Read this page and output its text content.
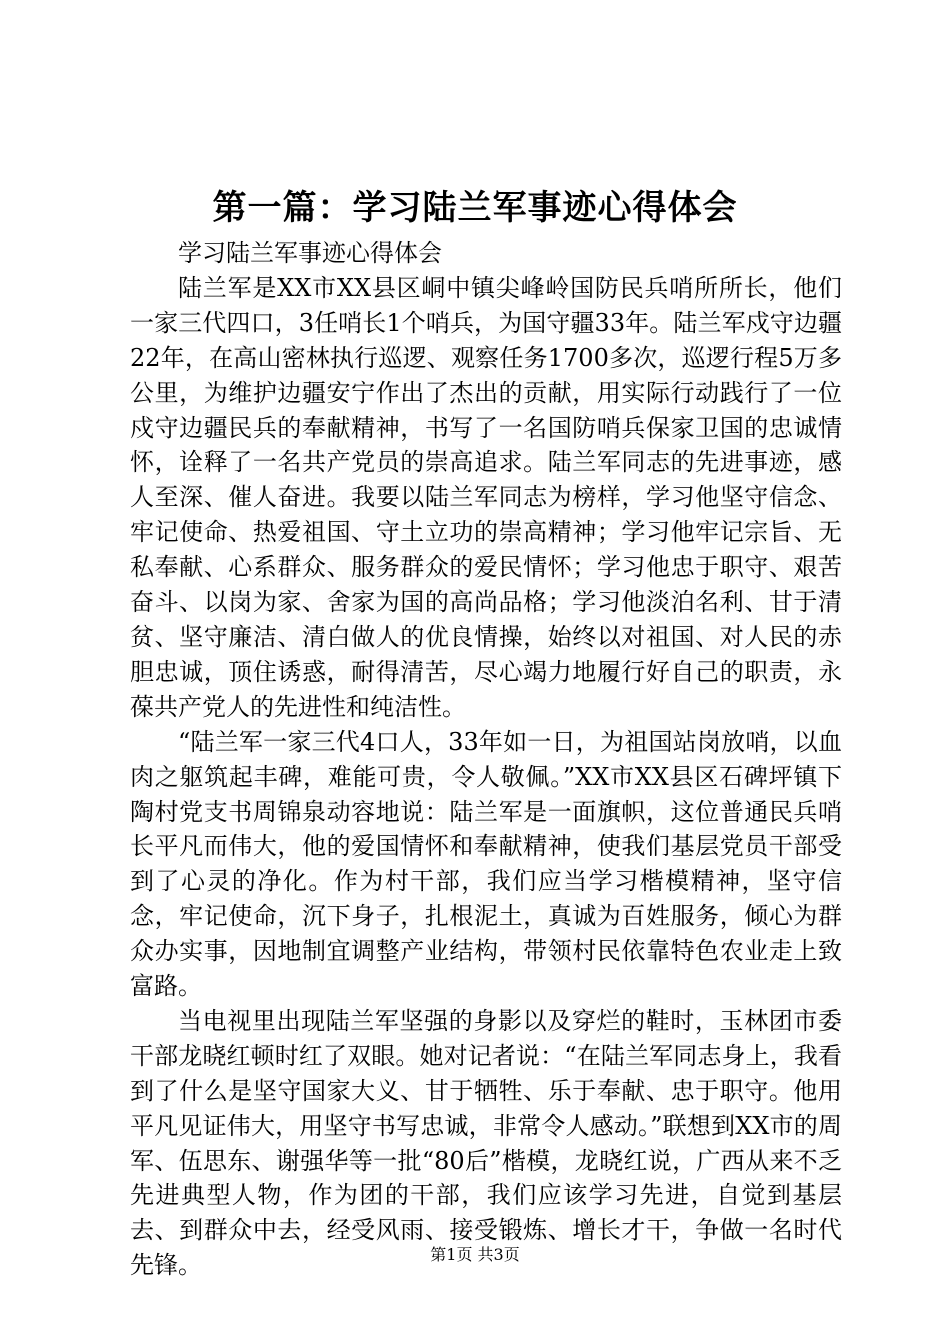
第一篇：学习陆兰军事迹心得体会

学习陆兰军事迹心得体会

陆兰军是XX市XX县区峒中镇尖峰岭国防民兵哨所所长，他们一家三代四口，3任哨长1个哨兵，为国守疆33年。陆兰军戍守边疆22年，在高山密林执行巡逻、观察任务1700多次，巡逻行程5万多公里，为维护边疆安宁作出了杰出的贡献，用实际行动践行了一位戍守边疆民兵的奉献精神，书写了一名国防哨兵保家卫国的忠诚情怀，诠释了一名共产党员的崇高追求。陆兰军同志的先进事迹，感人至深、催人奋进。我要以陆兰军同志为榜样，学习他坚守信念、牢记使命、热爱祖国、守土立功的崇高精神；学习他牢记宗旨、无私奉献、心系群众、服务群众的爱民情怀；学习他忠于职守、艰苦奋斗、以岗为家、舍家为国的高尚品格；学习他淡泊名利、甘于清贫、坚守廉洁、清白做人的优良情操，始终以对祖国、对人民的赤胆忠诚，顶住诱惑，耐得清苦，尽心竭力地履行好自己的职责，永葆共产党人的先进性和纯洁性。

“陆兰军一家三代4口人，33年如一日，为祖国站岗放哨，以血肉之躯筑起丰碑，难能可贵，令人敬佩。”XX市XX县区石碑坪镇下陶村党支书周锦泉动容地说：陆兰军是一面旗帜，这位普通民兵哨长平凡而伟大，他的爱国情怀和奉献精神，使我们基层党员干部受到了心灵的净化。作为村干部，我们应当学习楷模精神，坚守信念，牢记使命，沉下身子，扎根泥土，真诚为百姓服务，倾心为群众办实事，因地制宜调整产业结构，带领村民依靠特色农业走上致富路。

当电视里出现陆兰军坚强的身影以及穿烂的鞋时，玉林团市委干部龙晓红顿时红了双眼。她对记者说：“在陆兰军同志身上，我看到了什么是坚守国家大义、甘于牺牲、乐于奉献、忠于职守。他用平凡见证伟大，用坚守书写忠诚，非常令人感动。”联想到XX市的周军、伍思东、谢强华等一批“80后”楷模，龙晓红说，广西从来不乏先进典型人物，作为团的干部，我们应该学习先进，自觉到基层去、到群众中去，经受风雨、接受锻炼、增长才干，争做一名时代先锋。	第1页 共3页
